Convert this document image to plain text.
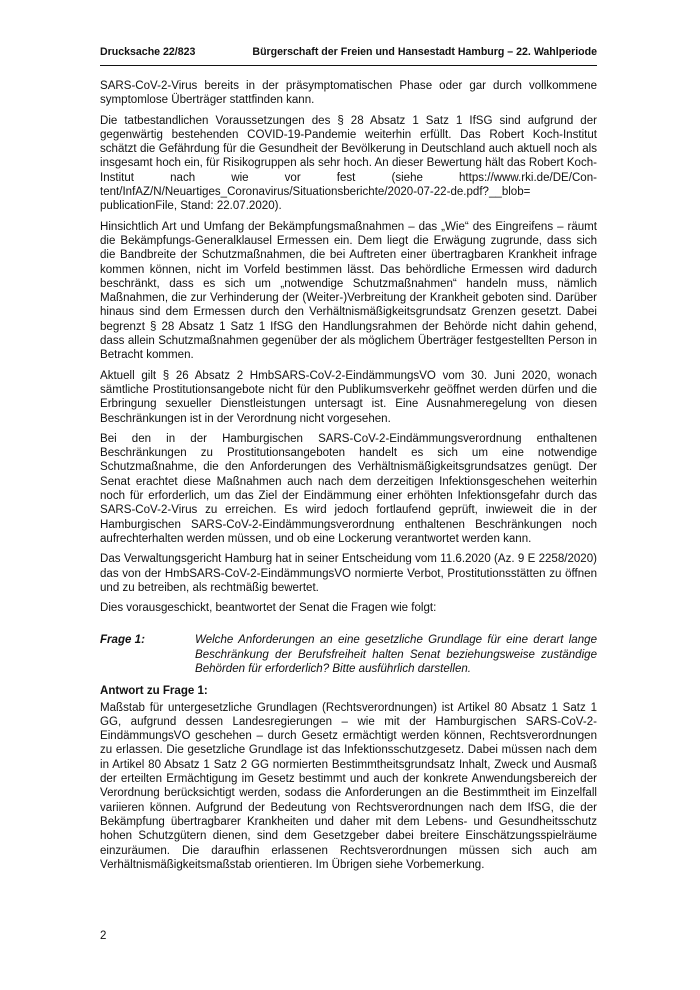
Drucksache 22/823	Bürgerschaft der Freien und Hansestadt Hamburg – 22. Wahlperiode

SARS-CoV-2-Virus bereits in der präsymptomatischen Phase oder gar durch vollkommene symptomlose Überträger stattfinden kann.

Die tatbestandlichen Voraussetzungen des § 28 Absatz 1 Satz 1 IfSG sind aufgrund der gegenwärtig bestehenden COVID-19-Pandemie weiterhin erfüllt. Das Robert Koch-Institut schätzt die Gefährdung für die Gesundheit der Bevölkerung in Deutschland auch aktuell noch als insgesamt hoch ein, für Risikogruppen als sehr hoch. An dieser Bewertung hält das Robert Koch-Institut nach wie vor fest (siehe https://www.rki.de/DE/Content/InfAZ/N/Neuartiges_Coronavirus/Situationsberichte/2020-07-22-de.pdf?__blob=​publicationFile, Stand: 22.07.2020).

Hinsichtlich Art und Umfang der Bekämpfungsmaßnahmen – das „Wie“ des Eingreifens – räumt die Bekämpfungs-Generalklausel Ermessen ein. Dem liegt die Erwägung zugrunde, dass sich die Bandbreite der Schutzmaßnahmen, die bei Auftreten einer übertragbaren Krankheit infrage kommen können, nicht im Vorfeld bestimmen lässt. Das behördliche Ermessen wird dadurch beschränkt, dass es sich um „notwendige Schutzmaßnahmen“ handeln muss, nämlich Maßnahmen, die zur Verhinderung der (Weiter-)Verbreitung der Krankheit geboten sind. Darüber hinaus sind dem Ermessen durch den Verhältnismäßigkeitsgrundsatz Grenzen gesetzt. Dabei begrenzt § 28 Absatz 1 Satz 1 IfSG den Handlungsrahmen der Behörde nicht dahin gehend, dass allein Schutzmaßnahmen gegenüber der als möglichem Überträger festgestellten Person in Betracht kommen.

Aktuell gilt § 26 Absatz 2 HmbSARS-CoV-2-EindämmungsVO vom 30. Juni 2020, wonach sämtliche Prostitutionsangebote nicht für den Publikumsverkehr geöffnet werden dürfen und die Erbringung sexueller Dienstleistungen untersagt ist. Eine Ausnahmeregelung von diesen Beschränkungen ist in der Verordnung nicht vorgesehen.

Bei den in der Hamburgischen SARS-CoV-2-Eindämmungsverordnung enthaltenen Beschränkungen zu Prostitutionsangeboten handelt es sich um eine notwendige Schutzmaßnahme, die den Anforderungen des Verhältnismäßigkeitsgrundsatzes genügt. Der Senat erachtet diese Maßnahmen auch nach dem derzeitigen Infektionsgeschehen weiterhin noch für erforderlich, um das Ziel der Eindämmung einer erhöhten Infektionsgefahr durch das SARS-CoV-2-Virus zu erreichen. Es wird jedoch fortlaufend geprüft, inwieweit die in der Hamburgischen SARS-CoV-2-Eindämmungsverordnung enthaltenen Beschränkungen noch aufrechterhalten werden müssen, und ob eine Lockerung verantwortet werden kann.

Das Verwaltungsgericht Hamburg hat in seiner Entscheidung vom 11.6.2020 (Az. 9 E 2258/2020) das von der HmbSARS-CoV-2-EindämmungsVO normierte Verbot, Prostitutionsstätten zu öffnen und zu betreiben, als rechtmäßig bewertet.

Dies vorausgeschickt, beantwortet der Senat die Fragen wie folgt:

Frage 1:	Welche Anforderungen an eine gesetzliche Grundlage für eine derart lange Beschränkung der Berufsfreiheit halten Senat beziehungsweise zuständige Behörden für erforderlich? Bitte ausführlich darstellen.
Antwort zu Frage 1:

Maßstab für untergesetzliche Grundlagen (Rechtsverordnungen) ist Artikel 80 Absatz 1 Satz 1 GG, aufgrund dessen Landesregierungen – wie mit der Hamburgischen SARS-CoV-2-EindämmungsVO geschehen – durch Gesetz ermächtigt werden können, Rechtsverordnungen zu erlassen. Die gesetzliche Grundlage ist das Infektionsschutzgesetz. Dabei müssen nach dem in Artikel 80 Absatz 1 Satz 2 GG normierten Bestimmtheitsgrundsatz Inhalt, Zweck und Ausmaß der erteilten Ermächtigung im Gesetz bestimmt und auch der konkrete Anwendungsbereich der Verordnung berücksichtigt werden, sodass die Anforderungen an die Bestimmtheit im Einzelfall variieren können. Aufgrund der Bedeutung von Rechtsverordnungen nach dem IfSG, die der Bekämpfung übertragbarer Krankheiten und daher mit dem Lebens- und Gesundheitsschutz hohen Schutzgütern dienen, sind dem Gesetzgeber dabei breitere Einschätzungsspielräume einzuräumen. Die daraufhin erlassenen Rechtsverordnungen müssen sich auch am Verhältnismäßigkeitsmaßstab orientieren. Im Übrigen siehe Vorbemerkung.

2
